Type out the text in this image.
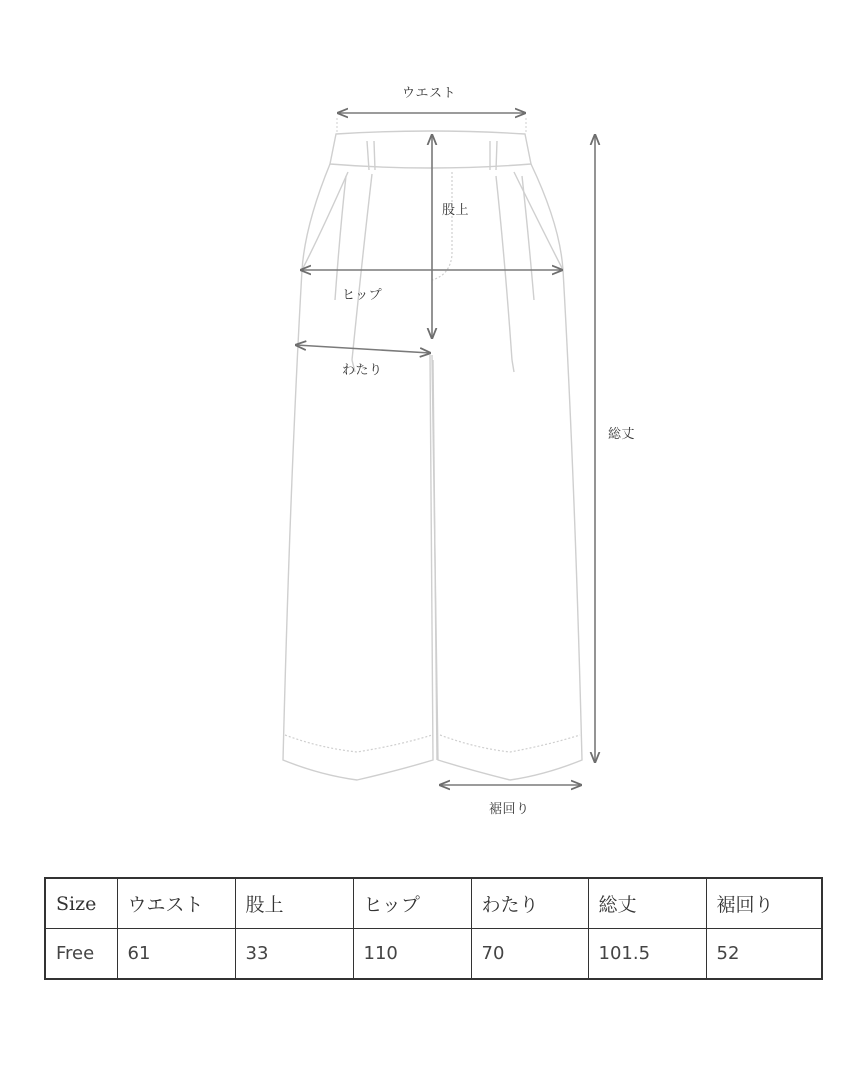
ウエスト
股上
ヒップ
わたり
総丈
裾回り
Size	ウエスト	股上	ヒップ	わたり	総丈	裾回り
Free	61	33	110	70	101.5	52
